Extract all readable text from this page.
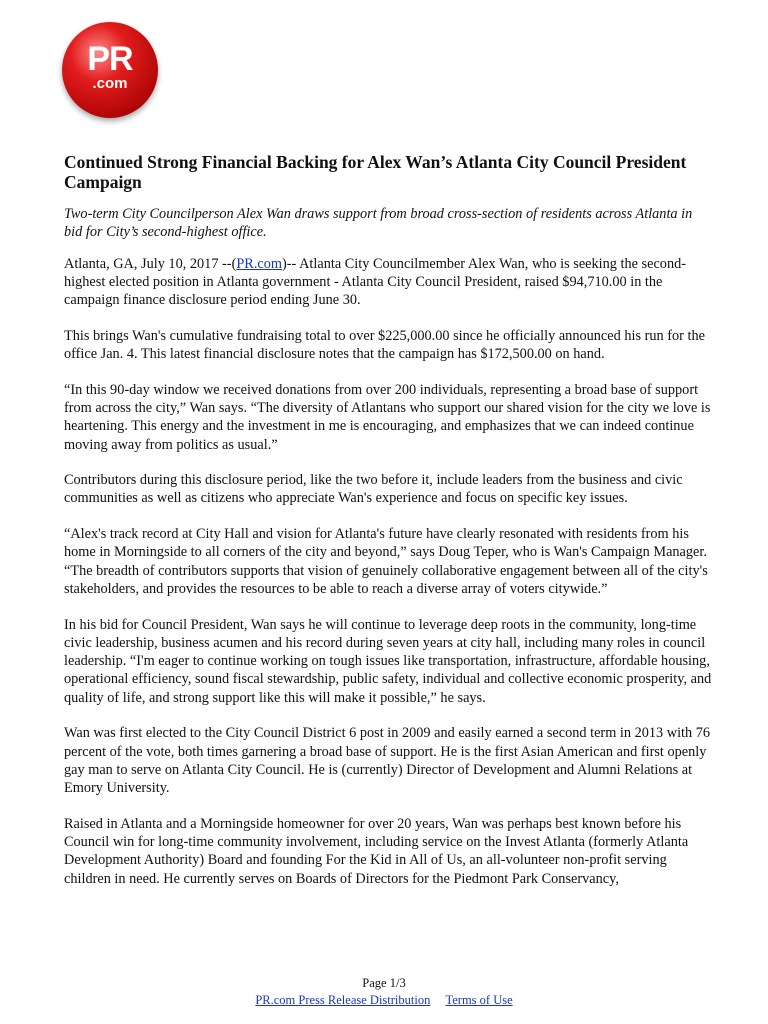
PR
.com
Continued Strong Financial Backing for Alex Wan’s Atlanta City Council President Campaign

Two-term City Councilperson Alex Wan draws support from broad cross-section of residents across Atlanta in bid for City’s second-highest office.

Atlanta, GA, July 10, 2017 --(PR.com)-- Atlanta City Councilmember Alex Wan, who is seeking the second-highest elected position in Atlanta government - Atlanta City Council President, raised $94,710.00 in the campaign finance disclosure period ending June 30.

This brings Wan's cumulative fundraising total to over $225,000.00 since he officially announced his run for the office Jan. 4. This latest financial disclosure notes that the campaign has $172,500.00 on hand.

“In this 90-day window we received donations from over 200 individuals, representing a broad base of support from across the city,” Wan says. “The diversity of Atlantans who support our shared vision for the city we love is heartening. This energy and the investment in me is encouraging, and emphasizes that we can indeed continue moving away from politics as usual.”

Contributors during this disclosure period, like the two before it, include leaders from the business and civic communities as well as citizens who appreciate Wan's experience and focus on specific key issues.

“Alex's track record at City Hall and vision for Atlanta's future have clearly resonated with residents from his home in Morningside to all corners of the city and beyond,” says Doug Teper, who is Wan's Campaign Manager. “The breadth of contributors supports that vision of genuinely collaborative engagement between all of the city's stakeholders, and provides the resources to be able to reach a diverse array of voters citywide.”

In his bid for Council President, Wan says he will continue to leverage deep roots in the community, long-time civic leadership, business acumen and his record during seven years at city hall, including many roles in council leadership. “I'm eager to continue working on tough issues like transportation, infrastructure, affordable housing, operational efficiency, sound fiscal stewardship, public safety, individual and collective economic prosperity, and quality of life, and strong support like this will make it possible,” he says.

Wan was first elected to the City Council District 6 post in 2009 and easily earned a second term in 2013 with 76 percent of the vote, both times garnering a broad base of support. He is the first Asian American and first openly gay man to serve on Atlanta City Council. He is (currently) Director of Development and Alumni Relations at Emory University.

Raised in Atlanta and a Morningside homeowner for over 20 years, Wan was perhaps best known before his Council win for long-time community involvement, including service on the Invest Atlanta (formerly Atlanta Development Authority) Board and founding For the Kid in All of Us, an all-volunteer non-profit serving children in need. He currently serves on Boards of Directors for the Piedmont Park Conservancy,

Page 1/3
PR.com Press Release Distribution Terms of Use
